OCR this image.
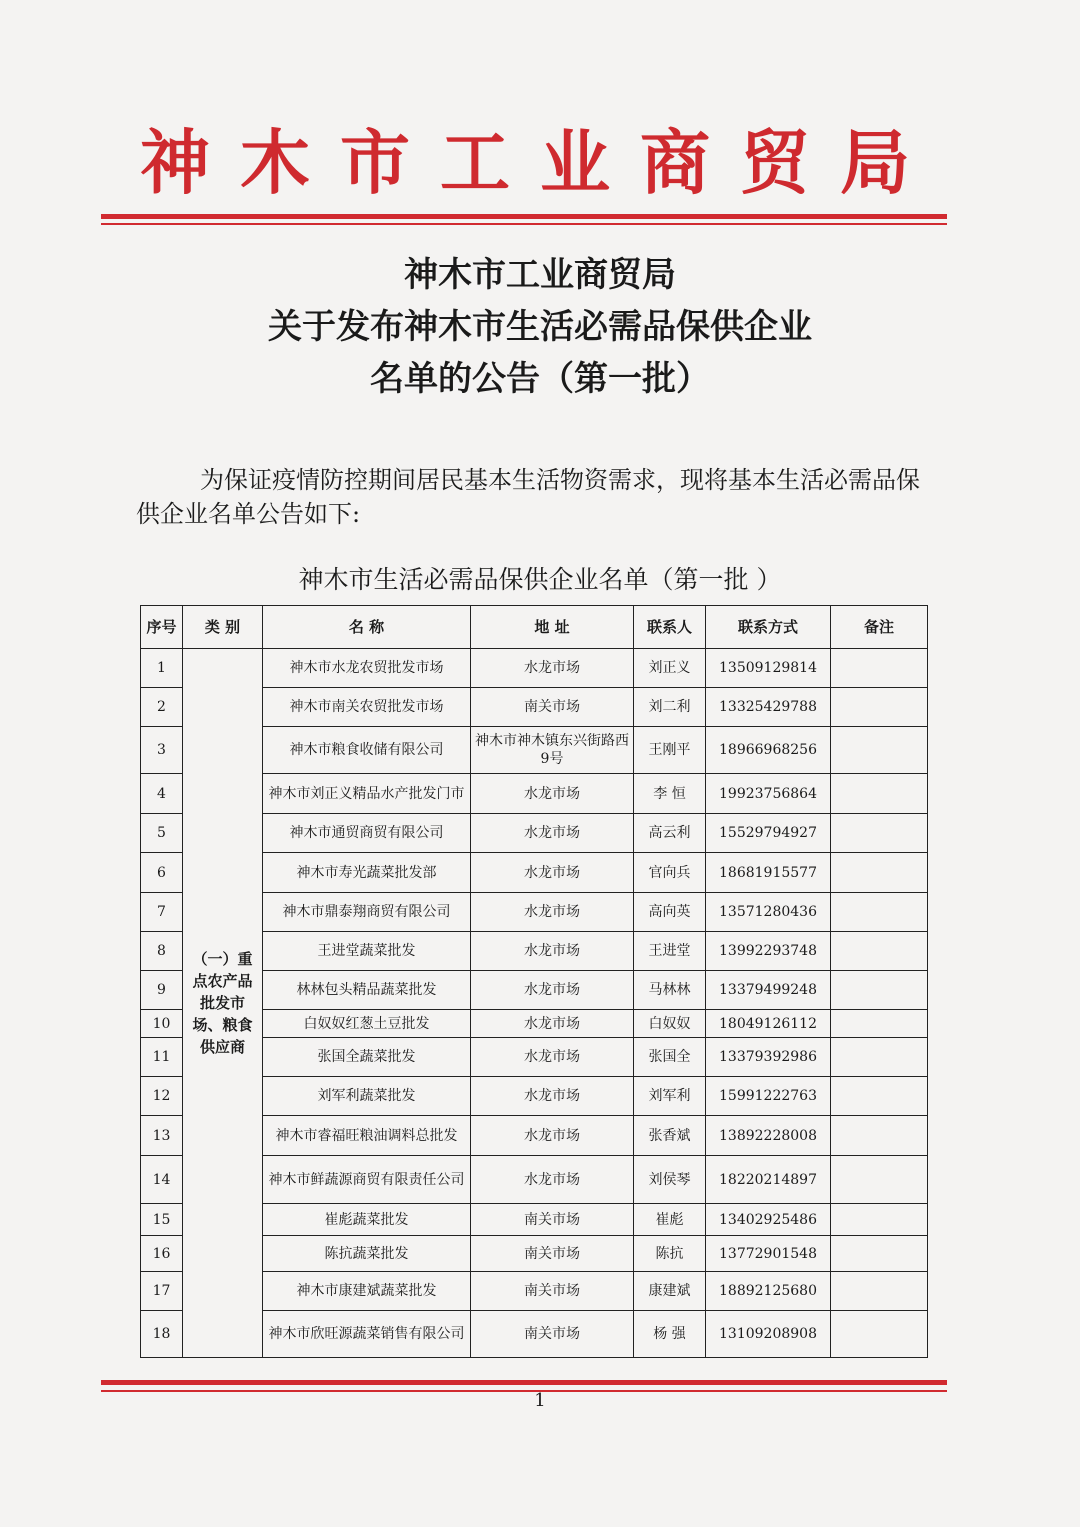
神木市工业商贸局
神木市工业商贸局
关于发布神木市生活必需品保供企业
名单的公告（第一批）
为保证疫情防控期间居民基本生活物资需求，现将基本生活必需品保供企业名单公告如下:
神木市生活必需品保供企业名单（第一批 ）
序号	类 别	名 称	地 址	联系人	联系方式	备注
1	（一）重点农产品批发市场、粮食供应商	神木市水龙农贸批发市场	水龙市场	刘正义	13509129814	
2		神木市南关农贸批发市场	南关市场	刘二利	13325429788	
3		神木市粮食收储有限公司	神木市神木镇东兴街路西9号	王刚平	18966968256	
4		神木市刘正义精品水产批发门市	水龙市场	李 恒	19923756864	
5		神木市通贸商贸有限公司	水龙市场	高云利	15529794927	
6		神木市寿光蔬菜批发部	水龙市场	官向兵	18681915577	
7		神木市鼎泰翔商贸有限公司	水龙市场	高向英	13571280436	
8		王进堂蔬菜批发	水龙市场	王进堂	13992293748	
9		林林包头精品蔬菜批发	水龙市场	马林林	13379499248	
10		白奴奴红葱土豆批发	水龙市场	白奴奴	18049126112	
11		张国全蔬菜批发	水龙市场	张国全	13379392986	
12		刘军利蔬菜批发	水龙市场	刘军利	15991222763	
13		神木市睿福旺粮油调料总批发	水龙市场	张香斌	13892228008	
14		神木市鲜蔬源商贸有限责任公司	水龙市场	刘侯琴	18220214897	
15		崔彪蔬菜批发	南关市场	崔彪	13402925486	
16		陈抗蔬菜批发	南关市场	陈抗	13772901548	
17		神木市康建斌蔬菜批发	南关市场	康建斌	18892125680	
18		神木市欣旺源蔬菜销售有限公司	南关市场	杨 强	13109208908	
1
